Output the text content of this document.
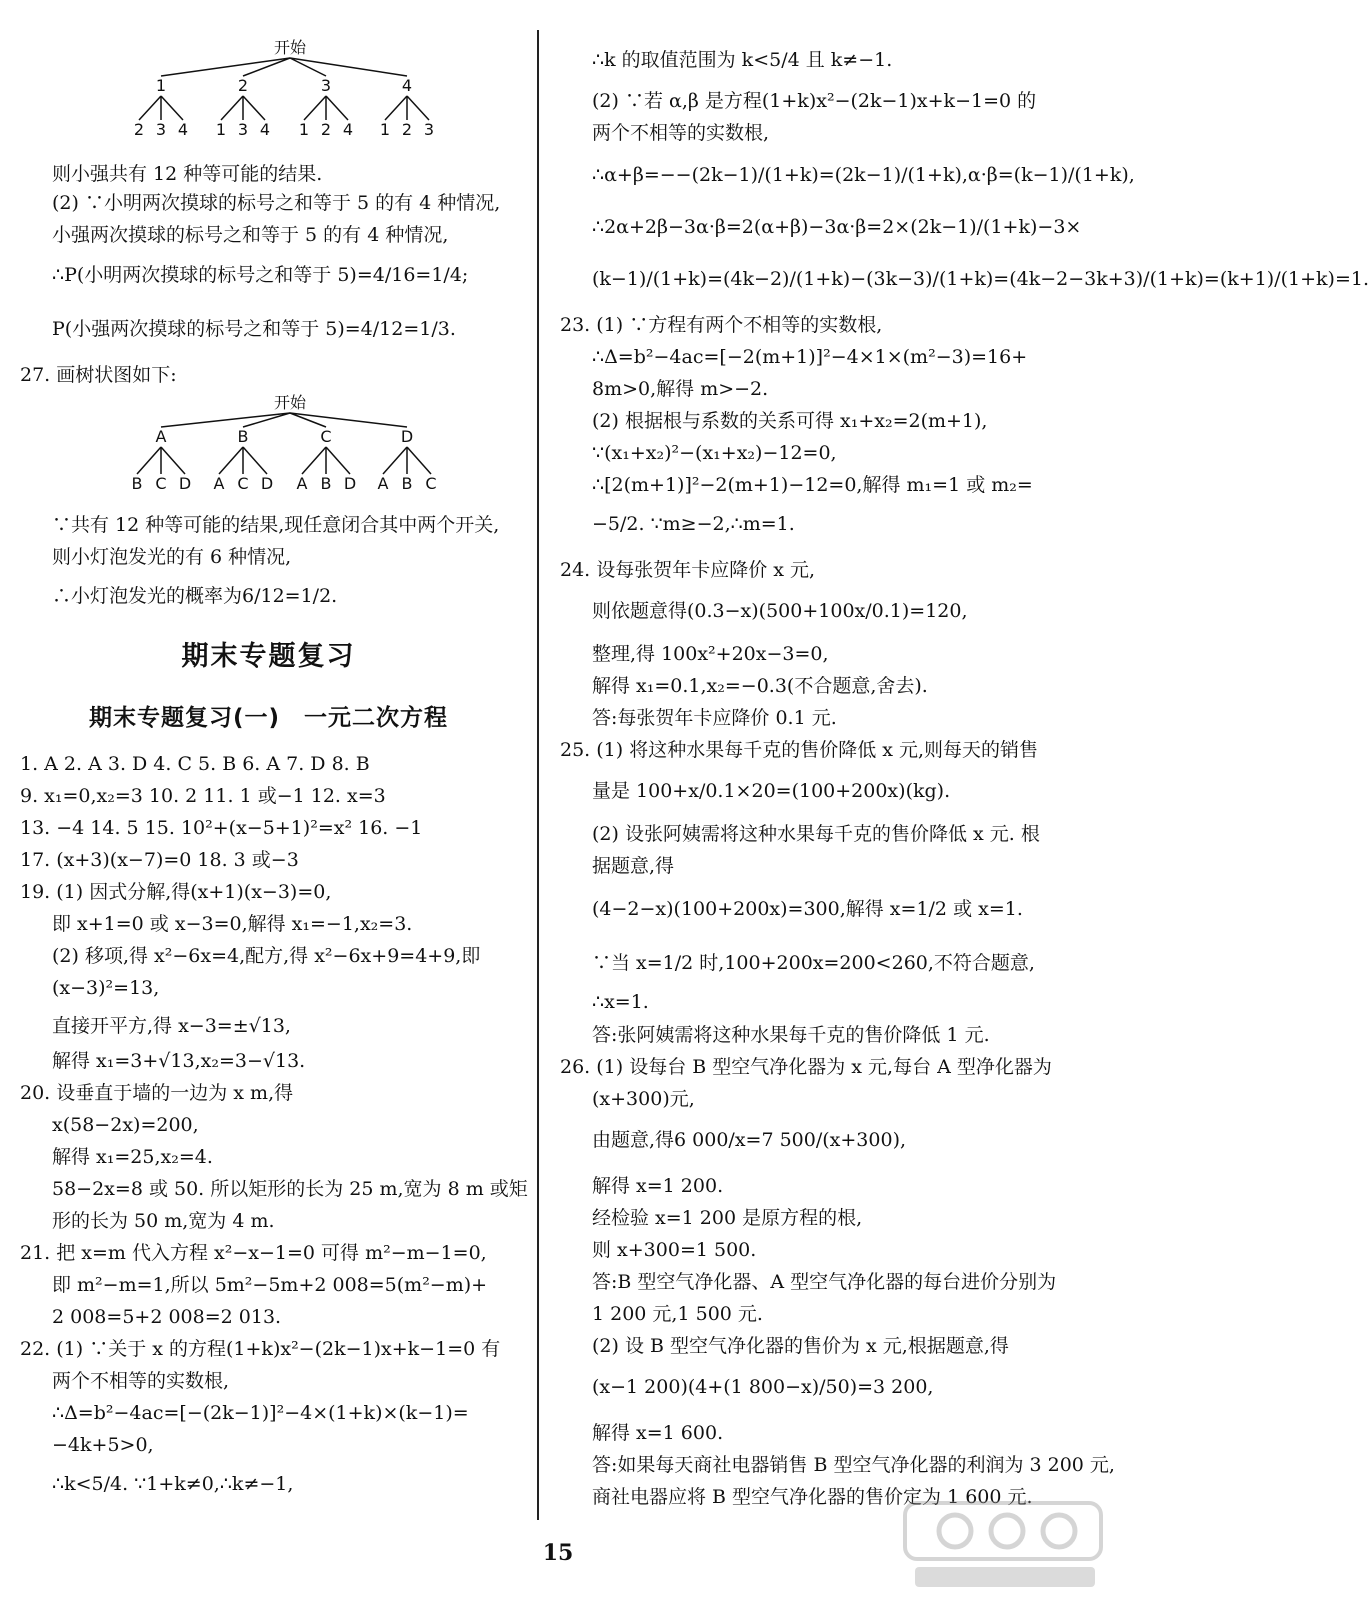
开始
1
2 3 4
2
1 3 4
3
1 2 4
4
1 2 3
开始
A
B C D
B
A C D
C
A B D
D
A B C
则小强共有 12 种等可能的结果.
(2) ∵小明两次摸球的标号之和等于 5 的有 4 种情况,
小强两次摸球的标号之和等于 5 的有 4 种情况,
∴P(小明两次摸球的标号之和等于 5)=4/16=1/4;
P(小强两次摸球的标号之和等于 5)=4/12=1/3.
27. 画树状图如下:
∵共有 12 种等可能的结果,现任意闭合其中两个开关,
则小灯泡发光的有 6 种情况,
∴小灯泡发光的概率为6/12=1/2.
1. A 2. A 3. D 4. C 5. B 6. A 7. D 8. B
9. x₁=0,x₂=3 10. 2 11. 1 或−1 12. x=3
13. −4 14. 5 15. 10²+(x−5+1)²=x² 16. −1
17. (x+3)(x−7)=0 18. 3 或−3
19. (1) 因式分解,得(x+1)(x−3)=0,
即 x+1=0 或 x−3=0,解得 x₁=−1,x₂=3.
(2) 移项,得 x²−6x=4,配方,得 x²−6x+9=4+9,即
(x−3)²=13,
直接开平方,得 x−3=±√13,
解得 x₁=3+√13,x₂=3−√13.
20. 设垂直于墙的一边为 x m,得
x(58−2x)=200,
解得 x₁=25,x₂=4.
58−2x=8 或 50. 所以矩形的长为 25 m,宽为 8 m 或矩
形的长为 50 m,宽为 4 m.
21. 把 x=m 代入方程 x²−x−1=0 可得 m²−m−1=0,
即 m²−m=1,所以 5m²−5m+2 008=5(m²−m)+
2 008=5+2 008=2 013.
22. (1) ∵关于 x 的方程(1+k)x²−(2k−1)x+k−1=0 有
两个不相等的实数根,
∴Δ=b²−4ac=[−(2k−1)]²−4×(1+k)×(k−1)=
−4k+5>0,
∴k<5/4. ∵1+k≠0,∴k≠−1,
∴k 的取值范围为 k<5/4 且 k≠−1.
(2) ∵若 α,β 是方程(1+k)x²−(2k−1)x+k−1=0 的
两个不相等的实数根,
∴α+β=−−(2k−1)/(1+k)=(2k−1)/(1+k),α·β=(k−1)/(1+k),
∴2α+2β−3α·β=2(α+β)−3α·β=2×(2k−1)/(1+k)−3×
(k−1)/(1+k)=(4k−2)/(1+k)−(3k−3)/(1+k)=(4k−2−3k+3)/(1+k)=(k+1)/(1+k)=1.
23. (1) ∵方程有两个不相等的实数根,
∴Δ=b²−4ac=[−2(m+1)]²−4×1×(m²−3)=16+
8m>0,解得 m>−2.
(2) 根据根与系数的关系可得 x₁+x₂=2(m+1),
∵(x₁+x₂)²−(x₁+x₂)−12=0,
∴[2(m+1)]²−2(m+1)−12=0,解得 m₁=1 或 m₂=
−5/2. ∵m≥−2,∴m=1.
24. 设每张贺年卡应降价 x 元,
则依题意得(0.3−x)(500+100x/0.1)=120,
整理,得 100x²+20x−3=0,
解得 x₁=0.1,x₂=−0.3(不合题意,舍去).
答:每张贺年卡应降价 0.1 元.
25. (1) 将这种水果每千克的售价降低 x 元,则每天的销售
量是 100+x/0.1×20=(100+200x)(kg).
(2) 设张阿姨需将这种水果每千克的售价降低 x 元. 根
据题意,得
(4−2−x)(100+200x)=300,解得 x=1/2 或 x=1.
∵当 x=1/2 时,100+200x=200<260,不符合题意,
∴x=1.
答:张阿姨需将这种水果每千克的售价降低 1 元.
26. (1) 设每台 B 型空气净化器为 x 元,每台 A 型净化器为
(x+300)元,
由题意,得6 000/x=7 500/(x+300),
解得 x=1 200.
经检验 x=1 200 是原方程的根,
则 x+300=1 500.
答:B 型空气净化器、A 型空气净化器的每台进价分别为
1 200 元,1 500 元.
(2) 设 B 型空气净化器的售价为 x 元,根据题意,得
(x−1 200)(4+(1 800−x)/50)=3 200,
解得 x=1 600.
答:如果每天商社电器销售 B 型空气净化器的利润为 3 200 元,
商社电器应将 B 型空气净化器的售价定为 1 600 元.
期末专题复习
期末专题复习(一)　一元二次方程
15
